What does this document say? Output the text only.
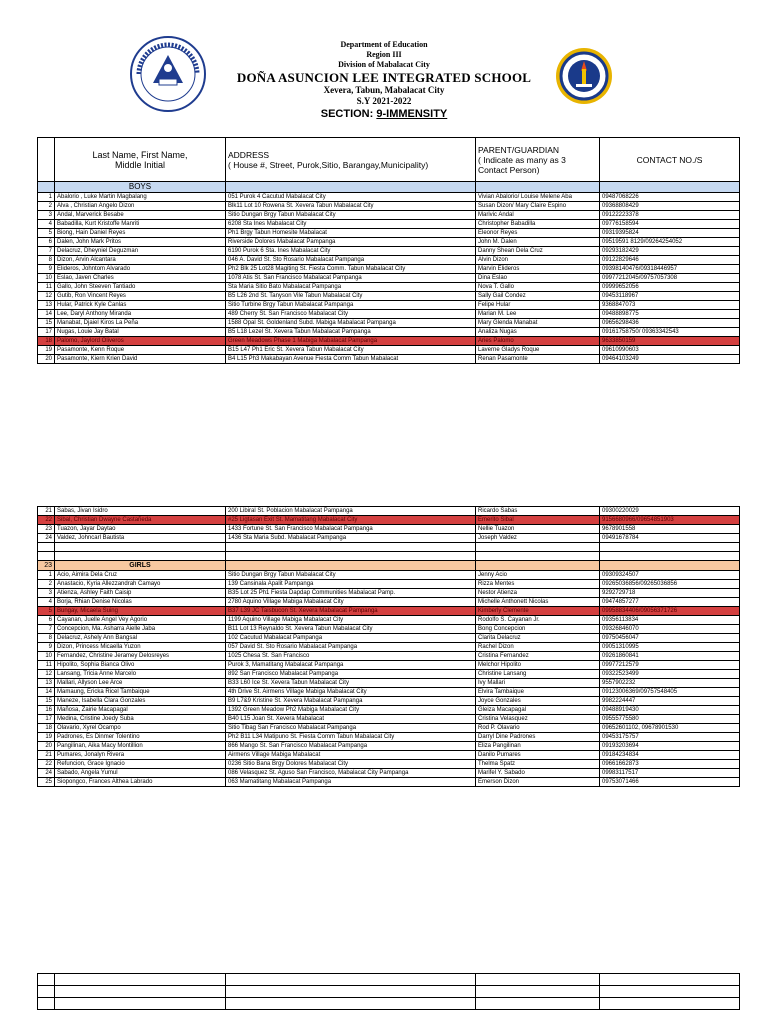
Department of Education
Region III
Division of Mabalacat City
DOÑA ASUNCION LEE INTEGRATED SCHOOL
Xevera, Tabun, Mabalacat City
S.Y 2021-2022
SECTION: 9-IMMENSITY

	Last Name, First Name,
Middle Initial	ADDRESS
( House #, Street, Purok,Sitio, Barangay,Municipality)	PARENT/GUARDIAN
( Indicate as many as 3 Contact Person)	CONTACT NO./S
	BOYS			
1	Abalorio , Luke Martin Magbalang	051 Purok 4 Cacutud Mabalacat City	Vivian Abalorio/ Louise Melene Aba	09487068226
2	Alva , Christian Angelo Dizon	Blk11 Lot 10 Rowena St. Xevera Tabun Mabalacat City	Susan Dizon/ Mary Claire Espino	09368808429
3	Andal, Marverick Besabe	Sitio Dungan Brgy Tabun Mabalacat City	Marivic Andal	09122223378
4	Babadilla, Kurt Kristoffe Manriti	6208 Sta Ines Mabalacat City	Christopher Babadilla	09776158594
5	Biong, Hain Daniel Reyes	Ph1 Brgy Tabun Homesite Mabalacat	Eleonor Reyes	09319395824
6	Dalen, John Mark Pritos	Riverside Dolores Mabalacat Pampanga	John M. Dalen	09519591 8129/09264254052
7	Delacruz, Dheyniel Deguzman	6190 Purok 6 Sta. Ines Mabalacat City	Danny Shean Dela Cruz	09293182429
8	Dizon, Arvin Alcantara	046 A. David St. Sto Rosario Mabalacat Pampanga	Alvin Dizon	09122829646
9	Elideros, Johntom Alvarado	Ph2 Blk 25 Lot28 Magiting St. Fiesta Comm. Tabun Mabalacat City	Marvin Elideros	09398140476/09318446957
10	Eslao, Javen Charles	1078 Atis St. San Francisco Mabalacat Pampanga	Dina Eslao	09977212045/09757057308
11	Gallo, John Steeven Tantiado	Sta Maria Sitio Bato Mabalacat Pampanga	Nova T. Gallo	09999652056
12	Gutib, Ron Vincent Reyes	B5 L26 2nd St. Tanyson Vile Tabun Mabalacat City	Sally Gail Condez	09453118967
13	Hular, Patrick Kyle Canlas	Sitio Turbine Brgy Tabun Mabalacat Pampanga	Felipe Hular	9368847073
14	Lee, Daryl Anthony Miranda	489 Cherry St. San Francisco Mabalacat City	Marian M. Lee	09488898775
15	Manabat, Djaiel Kiros La Peña	1588 Opal St. Goldenland Subd. Mabiga Mabalacat Pampanga	Mary Glenda Manabat	09656298436
17	Nugas, Louie Jay Batal	B5 L18 Lezel St. Xevera Tabun Mabalacat Pampanga	Analiza Nugas	09161758750/ 09363342543
18	Palomo, Jaylord Oliveros	Green Meadows Phase 1 Mabiga Mabalacat Pampanga	Aries Palomo	9633850159
19	Pasamonte, Kenn Roque	B15 L47 Ph1 Eric St. Xevera Tabun Mabalacat City	Laverne Gladys Roque	09610990603
20	Pasamonte, Kiern Krien David	B4 L15 Ph3 Makabayan Avenue Fiesta Comm Tabun Mabalacat	Renan Pasamonte	09464103249
21	Sabas, Jivan Isidro	200 Libiral St. Poblacion Mabalacat Pampanga	Ricardo Sabas	09300220029
22	Sibal, Christian Dwayne Castañeda	#25 Ligtasan Exit St. Mamatitang Mabalacat City	Emerito Sibal	9156680966/09654851903
23	Tuazon, Jayar Daytao	1433 Fortune St. San Francisco Mabalacat Pampanga	Nellie Tuazon	9678901558
24	Valdez, Johncarl Bautista	1436 Sta Maria Subd. Mabalacat Pampanga	Joseph Valdez	09491678784

23	GIRLS			
1	Acio, Aimira Dela Cruz	Sitio Dungan Brgy Tabun Mabalacat City	Jenny Acio	09309324507
2	Anastacio, Kyria Allezzandrah Camayo	139 Cansinala Apalit Pampanga	Rizza Mentes	09265036856/09265036856
3	Atienza, Ashley Faith Caisip	B35 Lot 25 Ph1 Fiesta Dapdap Communities Mabalacat Pamp.	Nestor Atienza	9292729718
4	Borja, Rhian Denise Nicolas	2780 Aquino Village Mabiga Mabalacat City	Michelle Anthonett Nicolas	09474857277
5	Bungay, Micaela Suing	B37 L39 JC Taisbucon St. Xevera Mabalacat Pampanga	Kimberly Clemente	09958834406/09056371726
6	Cayanan, Juelle Angel Vey Agorio	1199 Aquino Village Mabiga Mabalacat City	Rodolfo S. Cayanan Jr.	09356113834
7	Concepcion, Ma. Asharra Aielle Jaba	B11 Lot 13 Reynaldo St. Xevera Tabun Mabalacat City	Bong Concepcion	09326846070
8	Delacruz, Ashely Ann Bangsal	102 Cacutud Mabalacat Pampanga	Clarita Delacruz	09750456047
9	Dizon, Princess Micaella Yuzon	057 David St. Sto Rosario Mabalacat Pampanga	Rachel Dizon	09051310995
10	Fernandez, Christine Jeramey Delosreyes	1025 Chesa St. San Francisco	Cristina Fernandez	09261860841
11	Hipolito, Sophia Bianca Olivo	Purok 3, Mamatitang Mabalacat Pampanga	Melchor Hipolito	09977212579
12	Lansang, Tricia Anne Marcelo	892 San Francisco Mabalacat Pampanga	Christine Lansang	09322523499
13	Mallari, Allyson Lee Arce	B33 L60 Ice St. Xevera Tabun Mabalacat City	Ivy Mallari	9557902232
14	Mamaung, Ericka Ricel Tambaique	4th Drive St. Airmens Village Mabiga Mabalacat City	Elvira Tambaique	09123006369/09757548405
15	Maneze, Isabella Clara Gonzales	B9 L7&9 Kristine St. Xevera Mabalacat Pampanga	Joyce Gonzales	9982224447
16	Mañosa, Zairie Macapagal	1392 Green Meadow Ph2 Mabiga Mabalacat City	Gleiza Macapagal	09488919430
17	Medina, Cristine Joedy Suba	B40 L15 Joan St. Xevera Mabalacat	Cristina Velasquez	09555775580
18	Olavario, Xyrel Ocampo	Sitio Tibag San Francisco Mabalacat Pampanga	Rod P. Olavario	09652601102, 09678901530
19	Padrones, Es Dinmer Tolentino	Ph2 B11 L34 Matipuno St. Fiesta Comm Tabun Mabalacat City	Darryl Dine Padrones	09453175757
20	Pangilinan, Aika Macy Montillion	866 Mango St. San Francisco Mabalacat Pampanga	Eliza Pangilinan	09193203694
21	Pumares, Jonalyn Rivera	Airmens Village Mabiga Mabalacat	Danilo Pumares	09184234834
22	Refuncion, Grace Ignacio	0236 Sitio Bana Brgy Dolores Mabalacat City	Thelma Spatz	09661662873
24	Sabado, Angela Yumul	086 Velasquez St. Aguso San Francisco, Mabalacat City Pampanga	Marifel Y. Sabado	09983117517
25	Siopongco, Frances Althea Labrado	063 Mamatitang Mabalacat Pampanga	Emerson Dizon	09753071466
